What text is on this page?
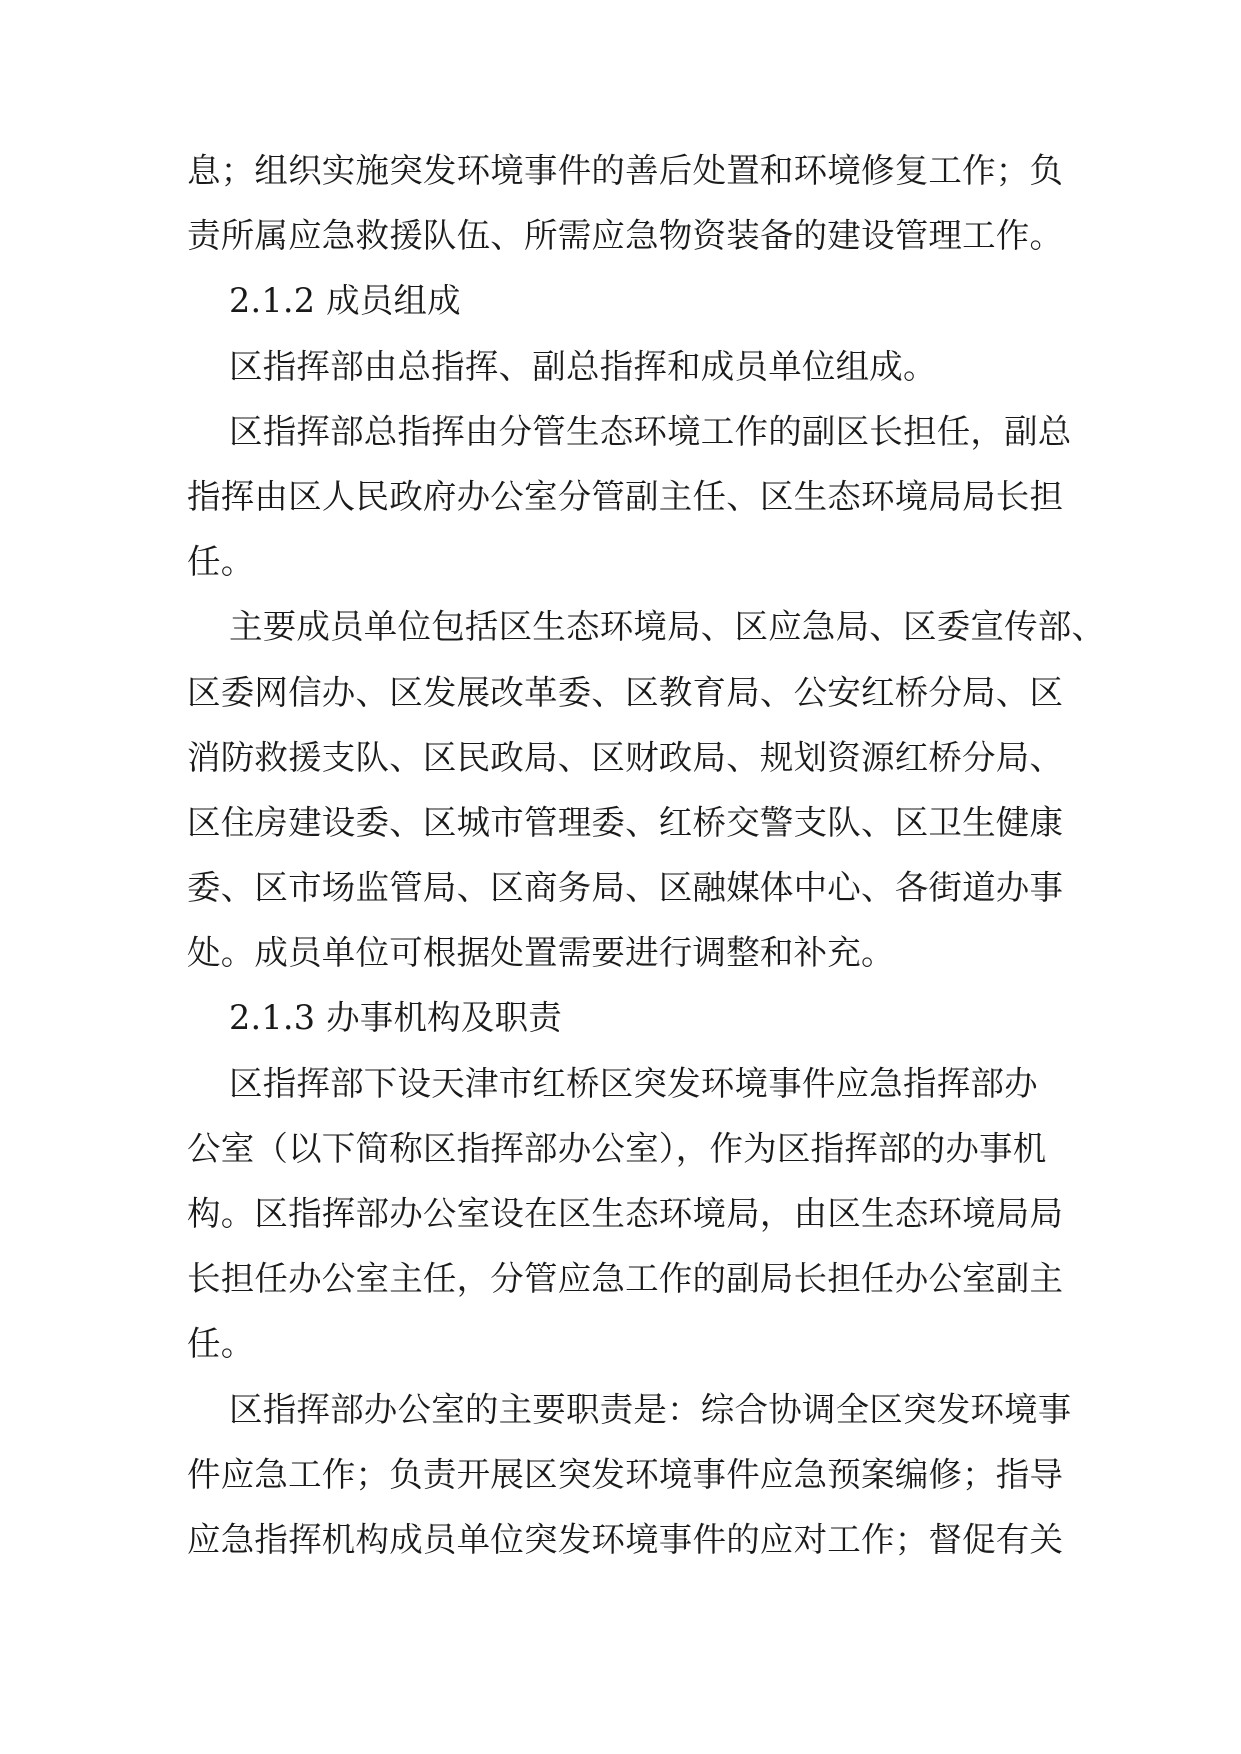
息；组织实施突发环境事件的善后处置和环境修复工作；负
责所属应急救援队伍、所需应急物资装备的建设管理工作。
2.1.2 成员组成
区指挥部由总指挥、副总指挥和成员单位组成。
区指挥部总指挥由分管生态环境工作的副区长担任，副总
指挥由区人民政府办公室分管副主任、区生态环境局局长担
任。
主要成员单位包括区生态环境局、区应急局、区委宣传部、
区委网信办、区发展改革委、区教育局、公安红桥分局、区
消防救援支队、区民政局、区财政局、规划资源红桥分局、
区住房建设委、区城市管理委、红桥交警支队、区卫生健康
委、区市场监管局、区商务局、区融媒体中心、各街道办事
处。成员单位可根据处置需要进行调整和补充。
2.1.3 办事机构及职责
区指挥部下设天津市红桥区突发环境事件应急指挥部办
公室（以下简称区指挥部办公室），作为区指挥部的办事机
构。区指挥部办公室设在区生态环境局，由区生态环境局局
长担任办公室主任，分管应急工作的副局长担任办公室副主
任。
区指挥部办公室的主要职责是：综合协调全区突发环境事
件应急工作；负责开展区突发环境事件应急预案编修；指导
应急指挥机构成员单位突发环境事件的应对工作；督促有关
